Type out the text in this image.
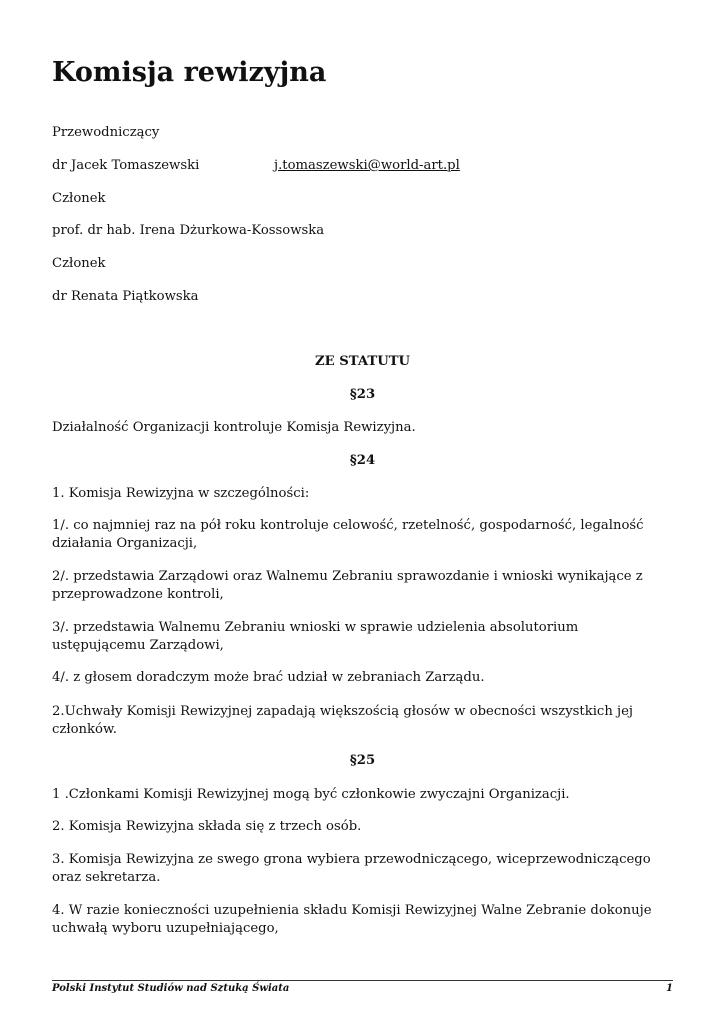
Komisja rewizyjna
Przewodniczący
dr Jacek Tomaszewski	j.tomaszewski@world-art.pl
Członek
prof. dr hab. Irena Dżurkowa-Kossowska
Członek
dr Renata Piątkowska
ZE STATUTU
§23
Działalność Organizacji kontroluje Komisja Rewizyjna.
§24
1. Komisja Rewizyjna w szczególności:
1/. co najmniej raz na pół roku kontroluje celowość, rzetelność, gospodarność, legalność działania Organizacji,
2/. przedstawia Zarządowi oraz Walnemu Zebraniu sprawozdanie i wnioski wynikające z przeprowadzone kontroli,
3/. przedstawia Walnemu Zebraniu wnioski w sprawie udzielenia absolutorium ustępującemu Zarządowi,
4/. z głosem doradczym może brać udział w zebraniach Zarządu.
2.Uchwały Komisji Rewizyjnej zapadają większością głosów w obecności wszystkich jej członków.
§25
1 .Członkami Komisji Rewizyjnej mogą być członkowie zwyczajni Organizacji.
2. Komisja Rewizyjna składa się z trzech osób.
3. Komisja Rewizyjna ze swego grona wybiera przewodniczącego, wiceprzewodniczącego oraz sekretarza.
4. W razie konieczności uzupełnienia składu Komisji Rewizyjnej Walne Zebranie dokonuje uchwałą wyboru uzupełniającego,
Polski Instytut Studiów nad Sztuką Świata	1
